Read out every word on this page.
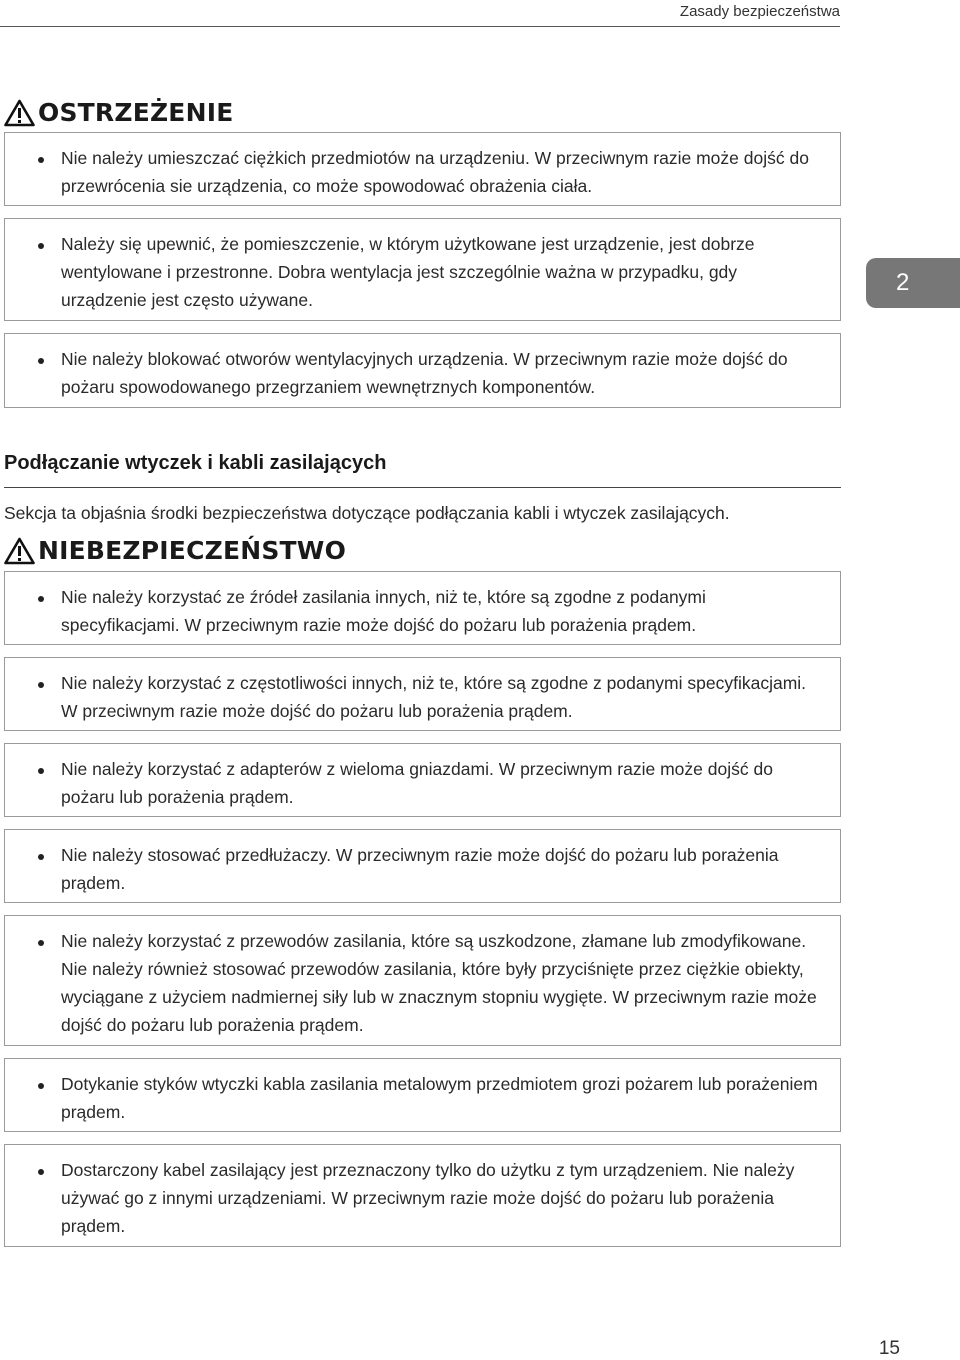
Zasady bezpieczeństwa
OSTRZEŻENIE
Nie należy umieszczać ciężkich przedmiotów na urządzeniu. W przeciwnym razie może dojść do przewrócenia sie urządzenia, co może spowodować obrażenia ciała.
Należy się upewnić, że pomieszczenie, w którym użytkowane jest urządzenie, jest dobrze wentylowane i przestronne. Dobra wentylacja jest szczególnie ważna w przypadku, gdy urządzenie jest często używane.
Nie należy blokować otworów wentylacyjnych urządzenia. W przeciwnym razie może dojść do pożaru spowodowanego przegrzaniem wewnętrznych komponentów.
2
Podłączanie wtyczek i kabli zasilających
Sekcja ta objaśnia środki bezpieczeństwa dotyczące podłączania kabli i wtyczek zasilających.
NIEBEZPIECZEŃSTWO
Nie należy korzystać ze źródeł zasilania innych, niż te, które są zgodne z podanymi specyfikacjami. W przeciwnym razie może dojść do pożaru lub porażenia prądem.
Nie należy korzystać z częstotliwości innych, niż te, które są zgodne z podanymi specyfikacjami. W przeciwnym razie może dojść do pożaru lub porażenia prądem.
Nie należy korzystać z adapterów z wieloma gniazdami. W przeciwnym razie może dojść do pożaru lub porażenia prądem.
Nie należy stosować przedłużaczy. W przeciwnym razie może dojść do pożaru lub porażenia prądem.
Nie należy korzystać z przewodów zasilania, które są uszkodzone, złamane lub zmodyfikowane. Nie należy również stosować przewodów zasilania, które były przyciśnięte przez ciężkie obiekty, wyciągane z użyciem nadmiernej siły lub w znacznym stopniu wygięte. W przeciwnym razie może dojść do pożaru lub porażenia prądem.
Dotykanie styków wtyczki kabla zasilania metalowym przedmiotem grozi pożarem lub porażeniem prądem.
Dostarczony kabel zasilający jest przeznaczony tylko do użytku z tym urządzeniem. Nie należy używać go z innymi urządzeniami. W przeciwnym razie może dojść do pożaru lub porażenia prądem.
15
